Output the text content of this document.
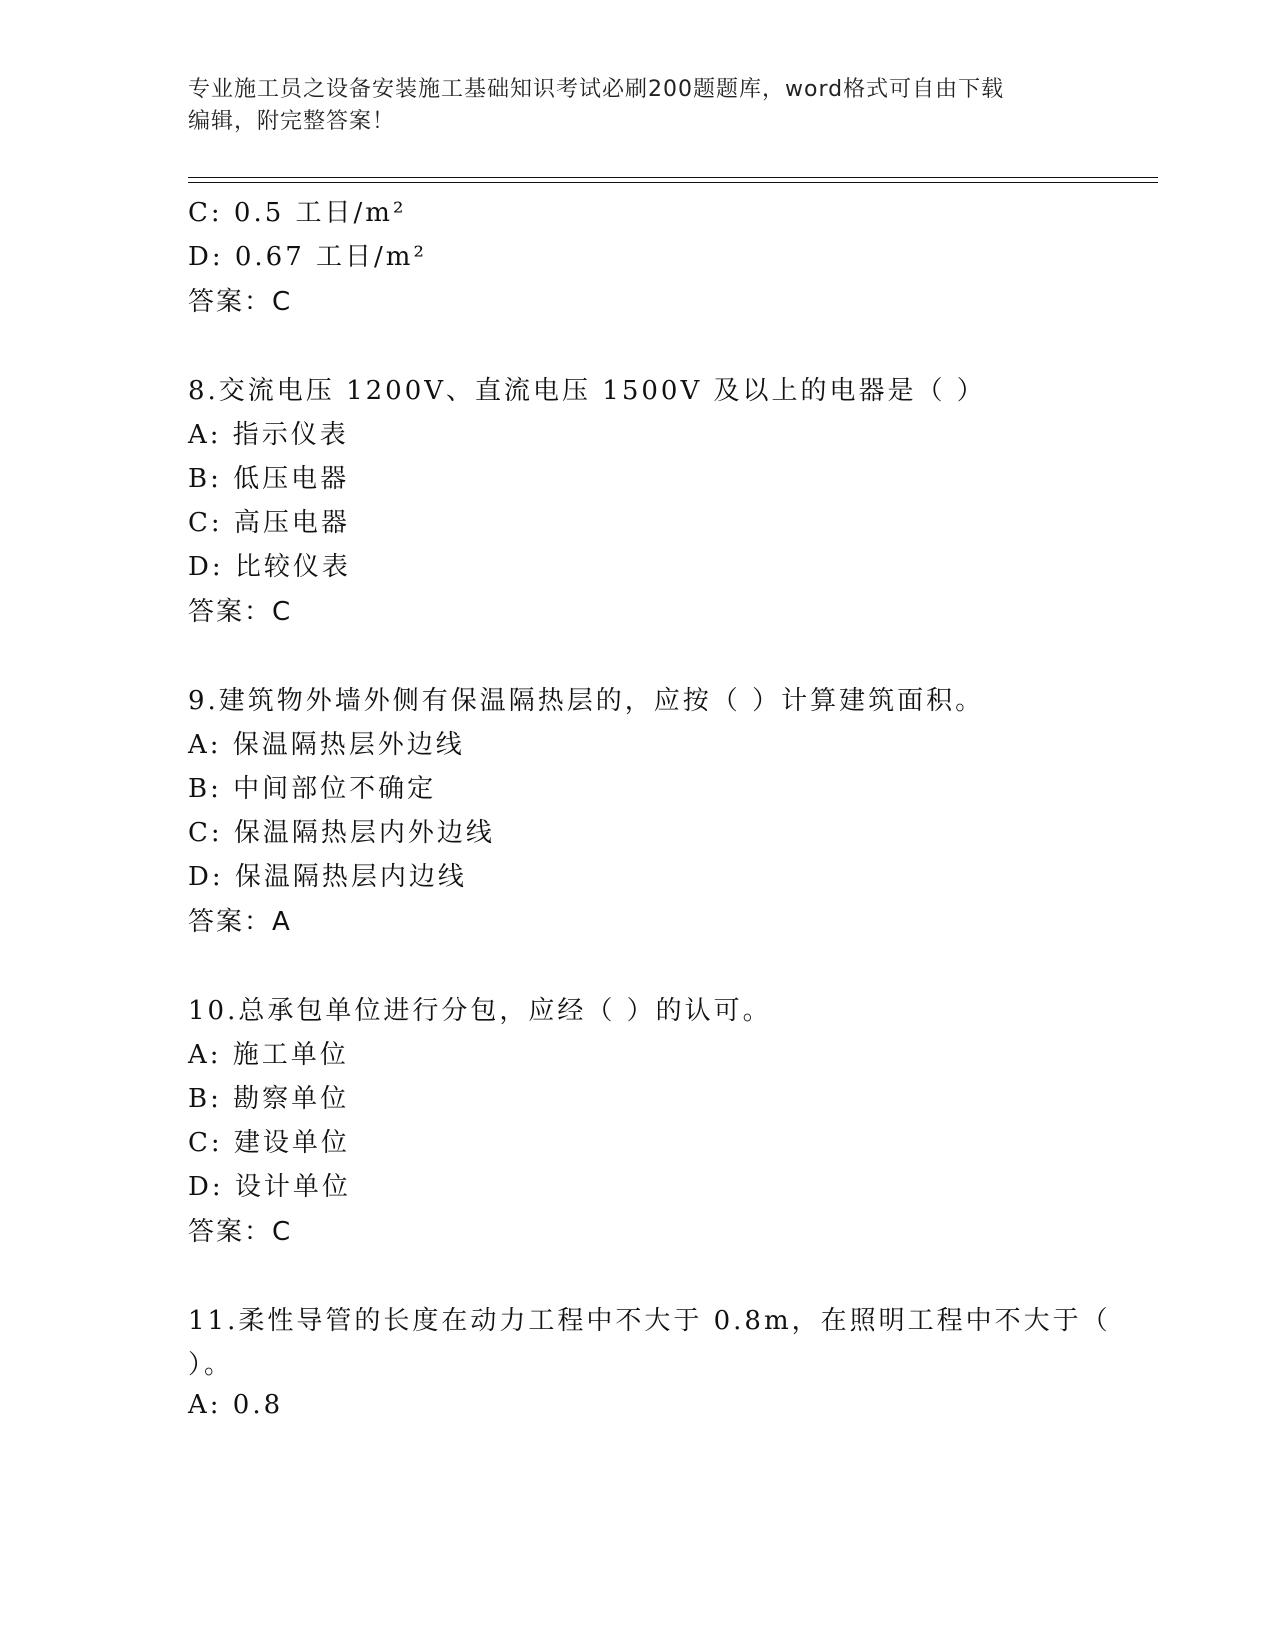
专业施工员之设备安装施工基础知识考试必刷200题题库，word格式可自由下载
编辑，附完整答案！
C: 0.5 工日/m²
D: 0.67 工日/m²
答案：C
8.交流电压 1200V、直流电压 1500V 及以上的电器是（ ）
A: 指示仪表
B: 低压电器
C: 高压电器
D: 比较仪表
答案：C
9.建筑物外墙外侧有保温隔热层的，应按（ ）计算建筑面积。
A: 保温隔热层外边线
B: 中间部位不确定
C: 保温隔热层内外边线
D: 保温隔热层内边线
答案：A
10.总承包单位进行分包，应经（ ）的认可。
A: 施工单位
B: 勘察单位
C: 建设单位
D: 设计单位
答案：C
11.柔性导管的长度在动力工程中不大于 0.8m，在照明工程中不大于（
）。
A: 0.8
